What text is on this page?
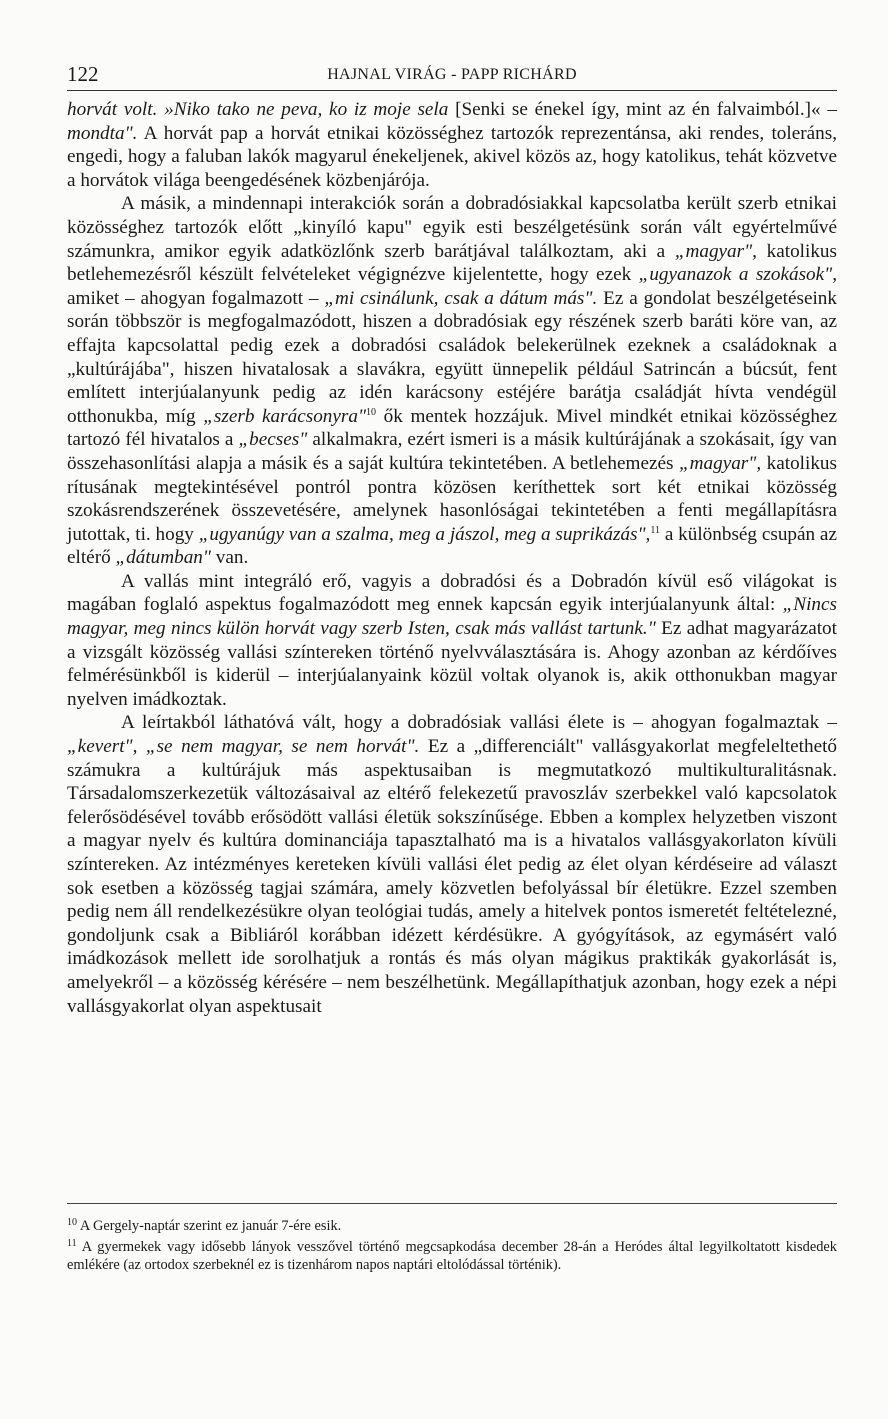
122	HAJNAL VIRÁG - PAPP RICHÁRD

horvát volt. »Niko tako ne peva, ko iz moje sela [Senki se énekel így, mint az én falvaimból.]« – mondta". A horvát pap a horvát etnikai közösséghez tartozók reprezentánsa, aki rendes, toleráns, engedi, hogy a faluban lakók magyarul énekeljenek, akivel közös az, hogy katolikus, tehát közvetve a horvátok világa beengedésének közbenjárója.

A másik, a mindennapi interakciók során a dobradósiakkal kapcsolatba került szerb etnikai közösséghez tartozók előtt „kinyíló kapu" egyik esti beszélgetésünk során vált egyértelművé számunkra, amikor egyik adatközlőnk szerb barátjával találkoztam, aki a „magyar", katolikus betlehemezésről készült felvételeket végignézve kijelentette, hogy ezek „ugyanazok a szokások", amiket – ahogyan fogalmazott – „mi csinálunk, csak a dátum más". Ez a gondolat beszélgetéseink során többször is megfogalmazódott, hiszen a dobradósiak egy részének szerb baráti köre van, az effajta kapcsolattal pedig ezek a dobradósi családok belekerülnek ezeknek a családoknak a „kultúrájába", hiszen hivatalosak a slavákra, együtt ünnepelik például Satrincán a búcsút, fent említett interjúalanyunk pedig az idén karácsony estéjére barátja családját hívta vendégül otthonukba, míg „szerb karácsonyra"$^{10}$ ők mentek hozzájuk. Mivel mindkét etnikai közösséghez tartozó fél hivatalos a „becses" alkalmakra, ezért ismeri is a másik kultúrájának a szokásait, így van összehasonlítási alapja a másik és a saját kultúra tekintetében. A betlehemezés „magyar", katolikus rítusának megtekintésével pontról pontra közösen keríthettek sort két etnikai közösség szokásrendszerének összevetésére, amelynek hasonlóságai tekintetében a fenti megállapításra jutottak, ti. hogy „ugyanúgy van a szalma, meg a jászol, meg a suprikázás",$^{11}$ a különbség csupán az eltérő „dátumban" van.

A vallás mint integráló erő, vagyis a dobradósi és a Dobradón kívül eső világokat is magában foglaló aspektus fogalmazódott meg ennek kapcsán egyik interjúalanyunk által: „Nincs magyar, meg nincs külön horvát vagy szerb Isten, csak más vallást tartunk." Ez adhat magyarázatot a vizsgált közösség vallási színtereken történő nyelvválasztására is. Ahogy azonban az kérdőíves felmérésünkből is kiderül – interjúalanyaink közül voltak olyanok is, akik otthonukban magyar nyelven imádkoztak.

A leírtakból láthatóvá vált, hogy a dobradósiak vallási élete is – ahogyan fogalmaztak – „kevert", „se nem magyar, se nem horvát". Ez a „differenciált" vallásgyakorlat megfeleltethető számukra a kultúrájuk más aspektusaiban is megmutatkozó multikulturalitásnak. Társadalomszerkezetük változásaival az eltérő felekezetű pravoszláv szerbekkel való kapcsolatok felerősödésével tovább erősödött vallási életük sokszínűsége. Ebben a komplex helyzetben viszont a magyar nyelv és kultúra dominanciája tapasztalható ma is a hivatalos vallásgyakorlaton kívüli színtereken. Az intézményes kereteken kívüli vallási élet pedig az élet olyan kérdéseire ad választ sok esetben a közösség tagjai számára, amely közvetlen befolyással bír életükre. Ezzel szemben pedig nem áll rendelkezésükre olyan teológiai tudás, amely a hitelvek pontos ismeretét feltételezné, gondoljunk csak a Bibliáról korábban idézett kérdésükre. A gyógyítások, az egymásért való imádkozások mellett ide sorolhatjuk a rontás és más olyan mágikus praktikák gyakorlását is, amelyekről – a közösség kérésére – nem beszélhetünk. Megállapíthatjuk azonban, hogy ezek a népi vallásgyakorlat olyan aspektusait

$^{10}$ A Gergely-naptár szerint ez január 7-ére esik.

$^{11}$ A gyermekek vagy idősebb lányok vesszővel történő megcsapkodása december 28-án a Heródes által legyilkoltatott kisdedek emlékére (az ortodox szerbeknél ez is tizenhárom napos naptári eltolódással történik).
